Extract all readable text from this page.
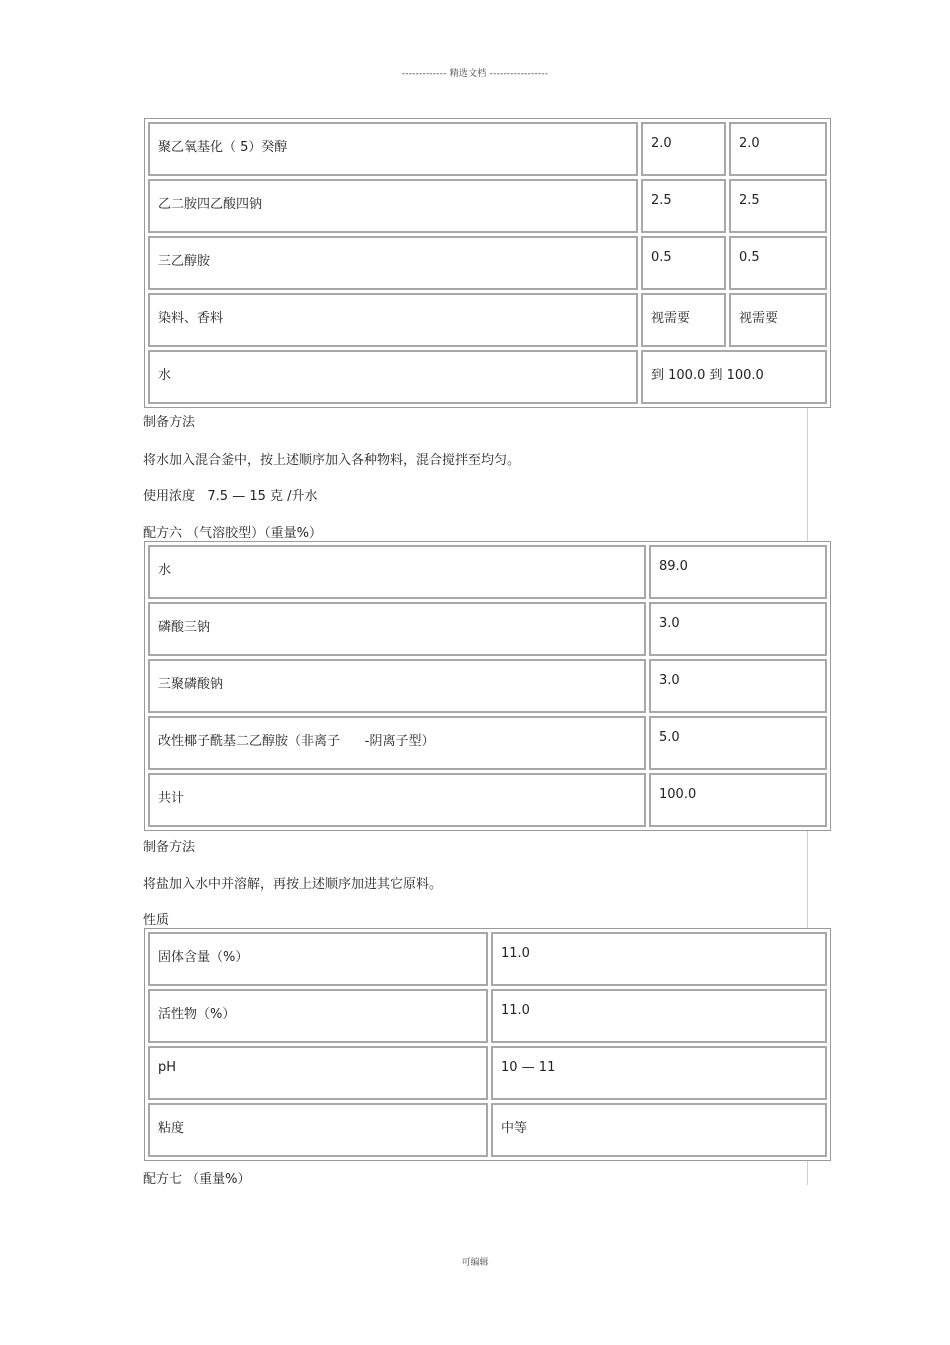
------------- 精选文档 -----------------
聚乙氧基化（ 5）癸醇	2.0	2.0
乙二胺四乙酸四钠	2.5	2.5
三乙醇胺	0.5	0.5
染料、香料	视需要	视需要
水	到 100.0 到 100.0	
制备方法
将水加入混合釜中，按上述顺序加入各种物料，混合搅拌至均匀。
使用浓度   7.5 — 15 克 /升水
配方六 （气溶胶型）（重量%）
水	89.0
磷酸三钠	3.0
三聚磷酸钠	3.0
改性椰子酰基二乙醇胺（非离子      -阴离子型）	5.0
共计	100.0
制备方法
将盐加入水中并溶解，再按上述顺序加进其它原料。
性质
固体含量（%）	11.0
活性物（%）	11.0
pH	10 — 11
粘度	中等
配方七 （重量%）
可编辑
